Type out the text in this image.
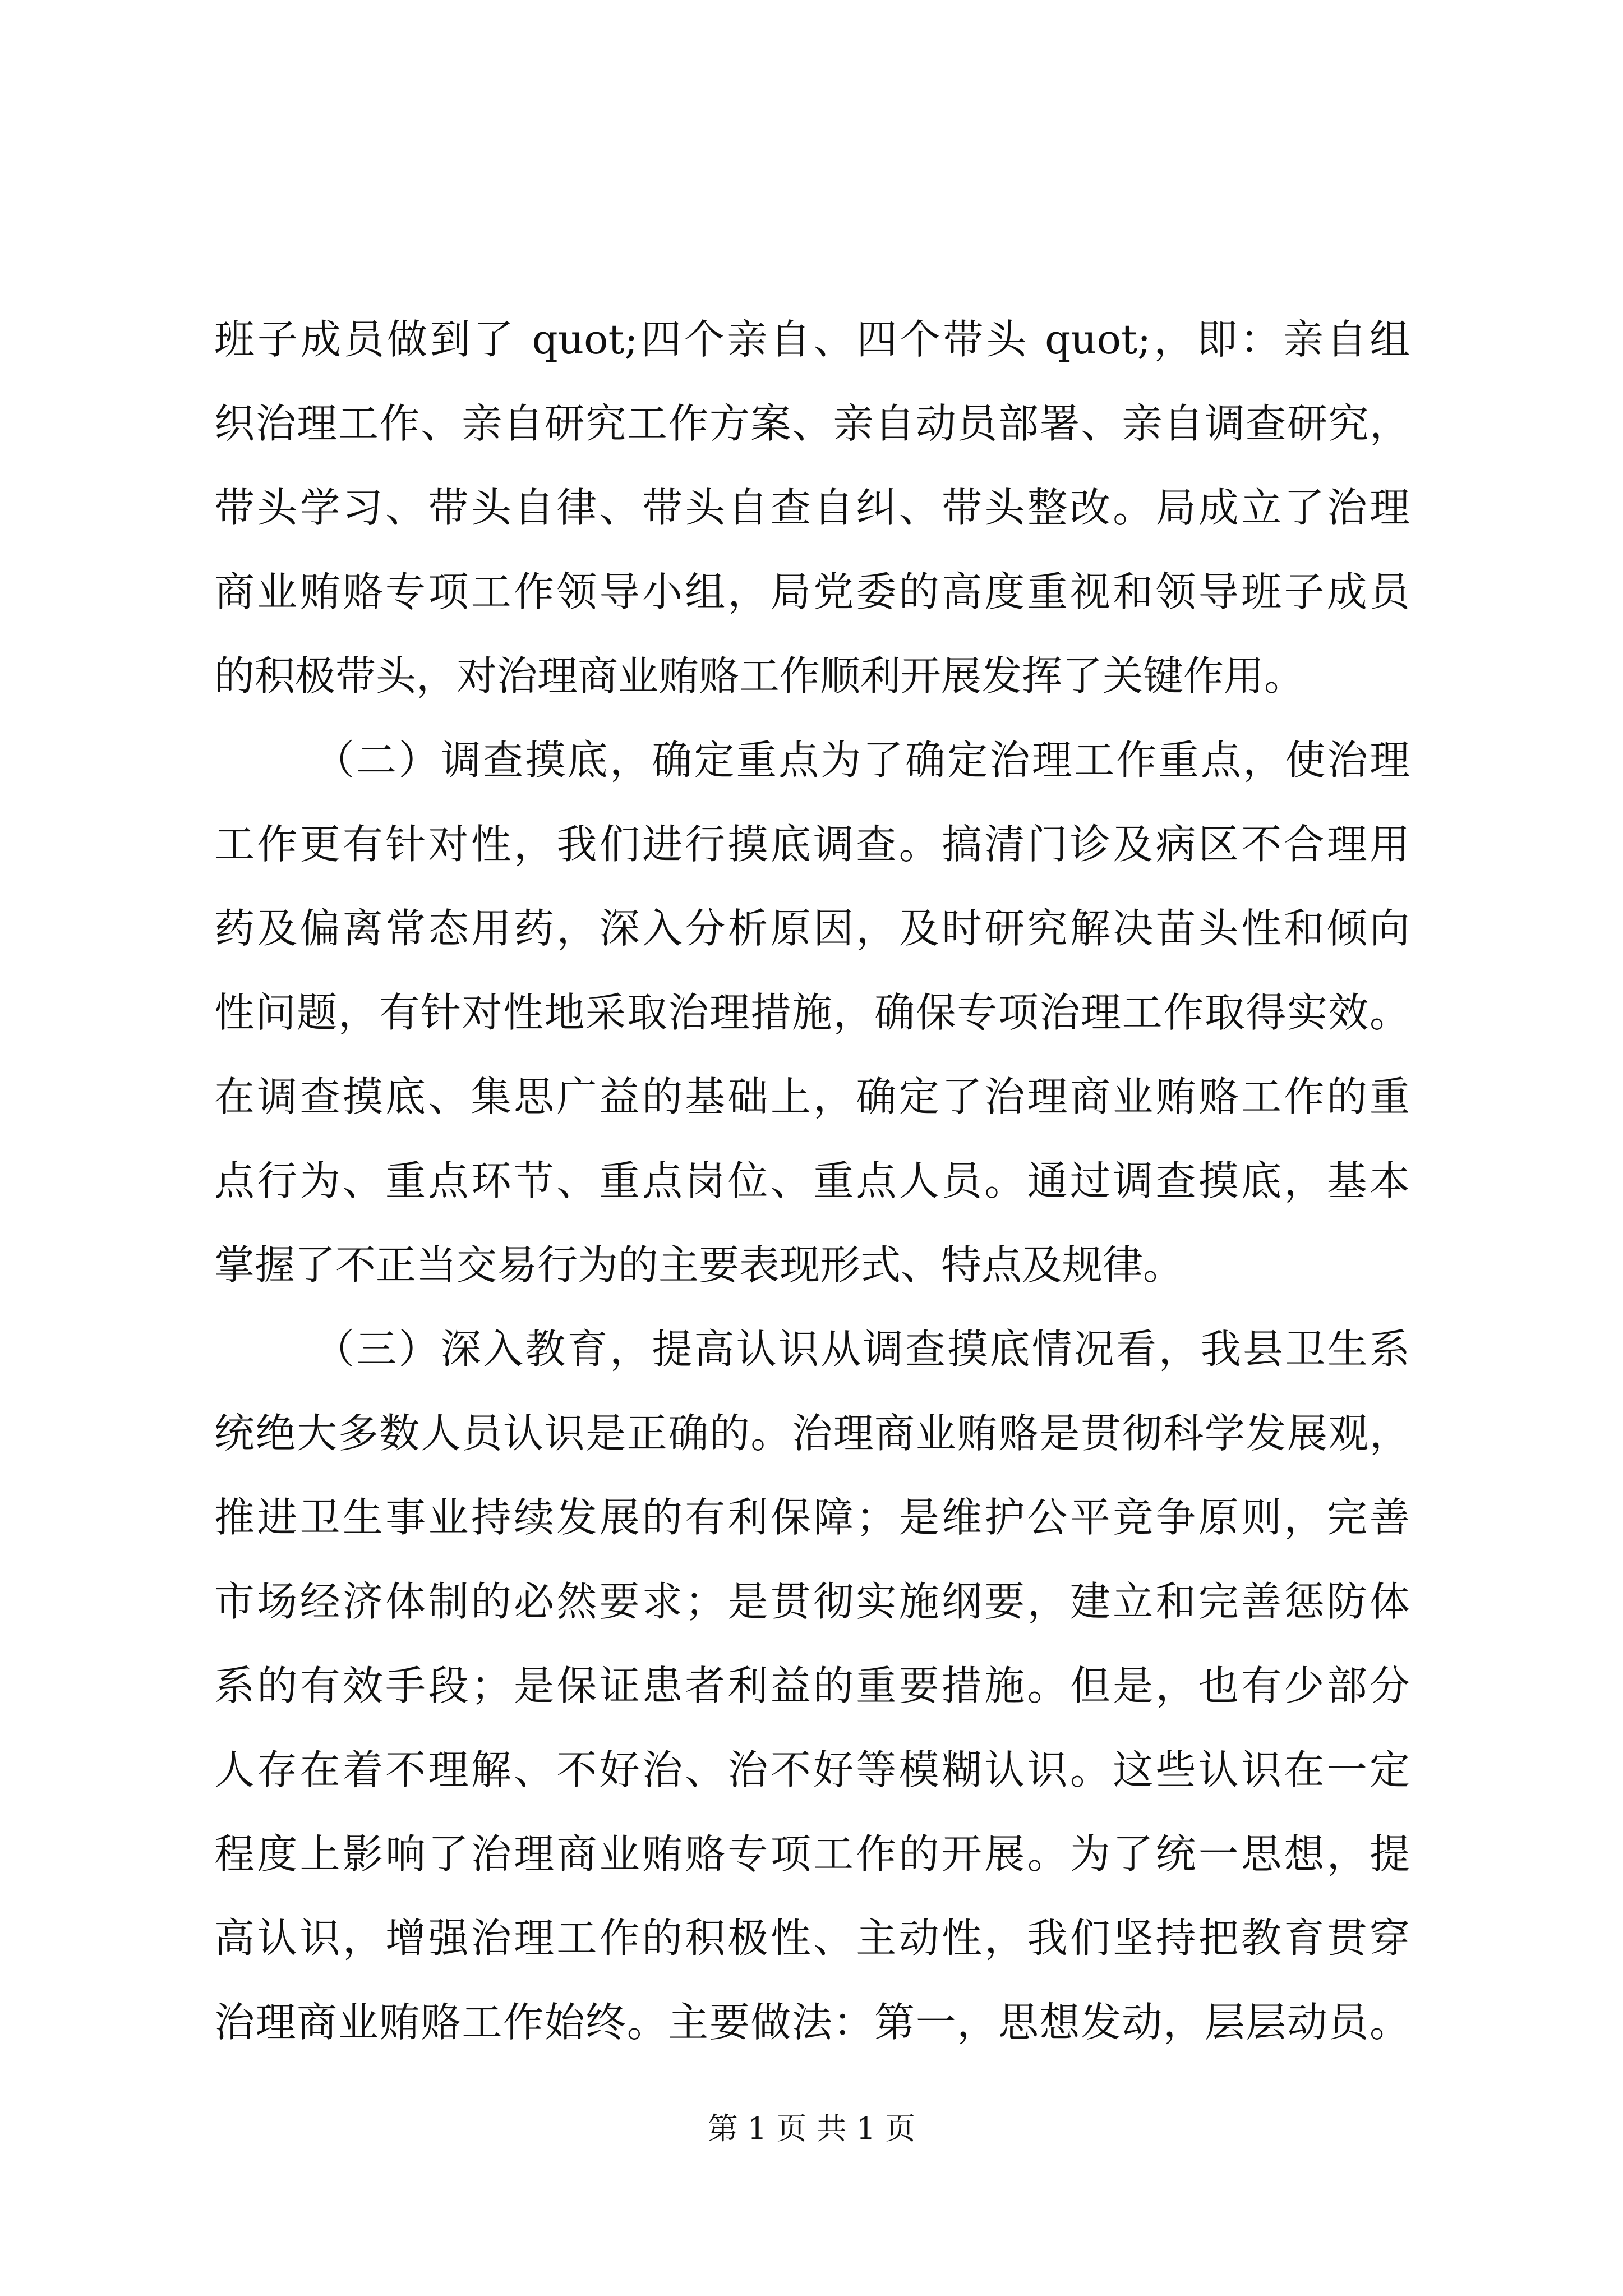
班子成员做到了 quot;四个亲自、四个带头 quot;，即：亲自组
织治理工作、亲自研究工作方案、亲自动员部署、亲自调查研究，
带头学习、带头自律、带头自查自纠、带头整改。局成立了治理
商业贿赂专项工作领导小组，局党委的高度重视和领导班子成员
的积极带头，对治理商业贿赂工作顺利开展发挥了关键作用。
（二）调查摸底，确定重点为了确定治理工作重点，使治理
工作更有针对性，我们进行摸底调查。搞清门诊及病区不合理用
药及偏离常态用药，深入分析原因，及时研究解决苗头性和倾向
性问题，有针对性地采取治理措施，确保专项治理工作取得实效。
在调查摸底、集思广益的基础上，确定了治理商业贿赂工作的重
点行为、重点环节、重点岗位、重点人员。通过调查摸底，基本
掌握了不正当交易行为的主要表现形式、特点及规律。
（三）深入教育，提高认识从调查摸底情况看，我县卫生系
统绝大多数人员认识是正确的。治理商业贿赂是贯彻科学发展观，
推进卫生事业持续发展的有利保障；是维护公平竞争原则，完善
市场经济体制的必然要求；是贯彻实施纲要，建立和完善惩防体
系的有效手段；是保证患者利益的重要措施。但是，也有少部分
人存在着不理解、不好治、治不好等模糊认识。这些认识在一定
程度上影响了治理商业贿赂专项工作的开展。为了统一思想，提
高认识，增强治理工作的积极性、主动性，我们坚持把教育贯穿
治理商业贿赂工作始终。主要做法：第一，思想发动，层层动员。
第 1 页 共 1 页
